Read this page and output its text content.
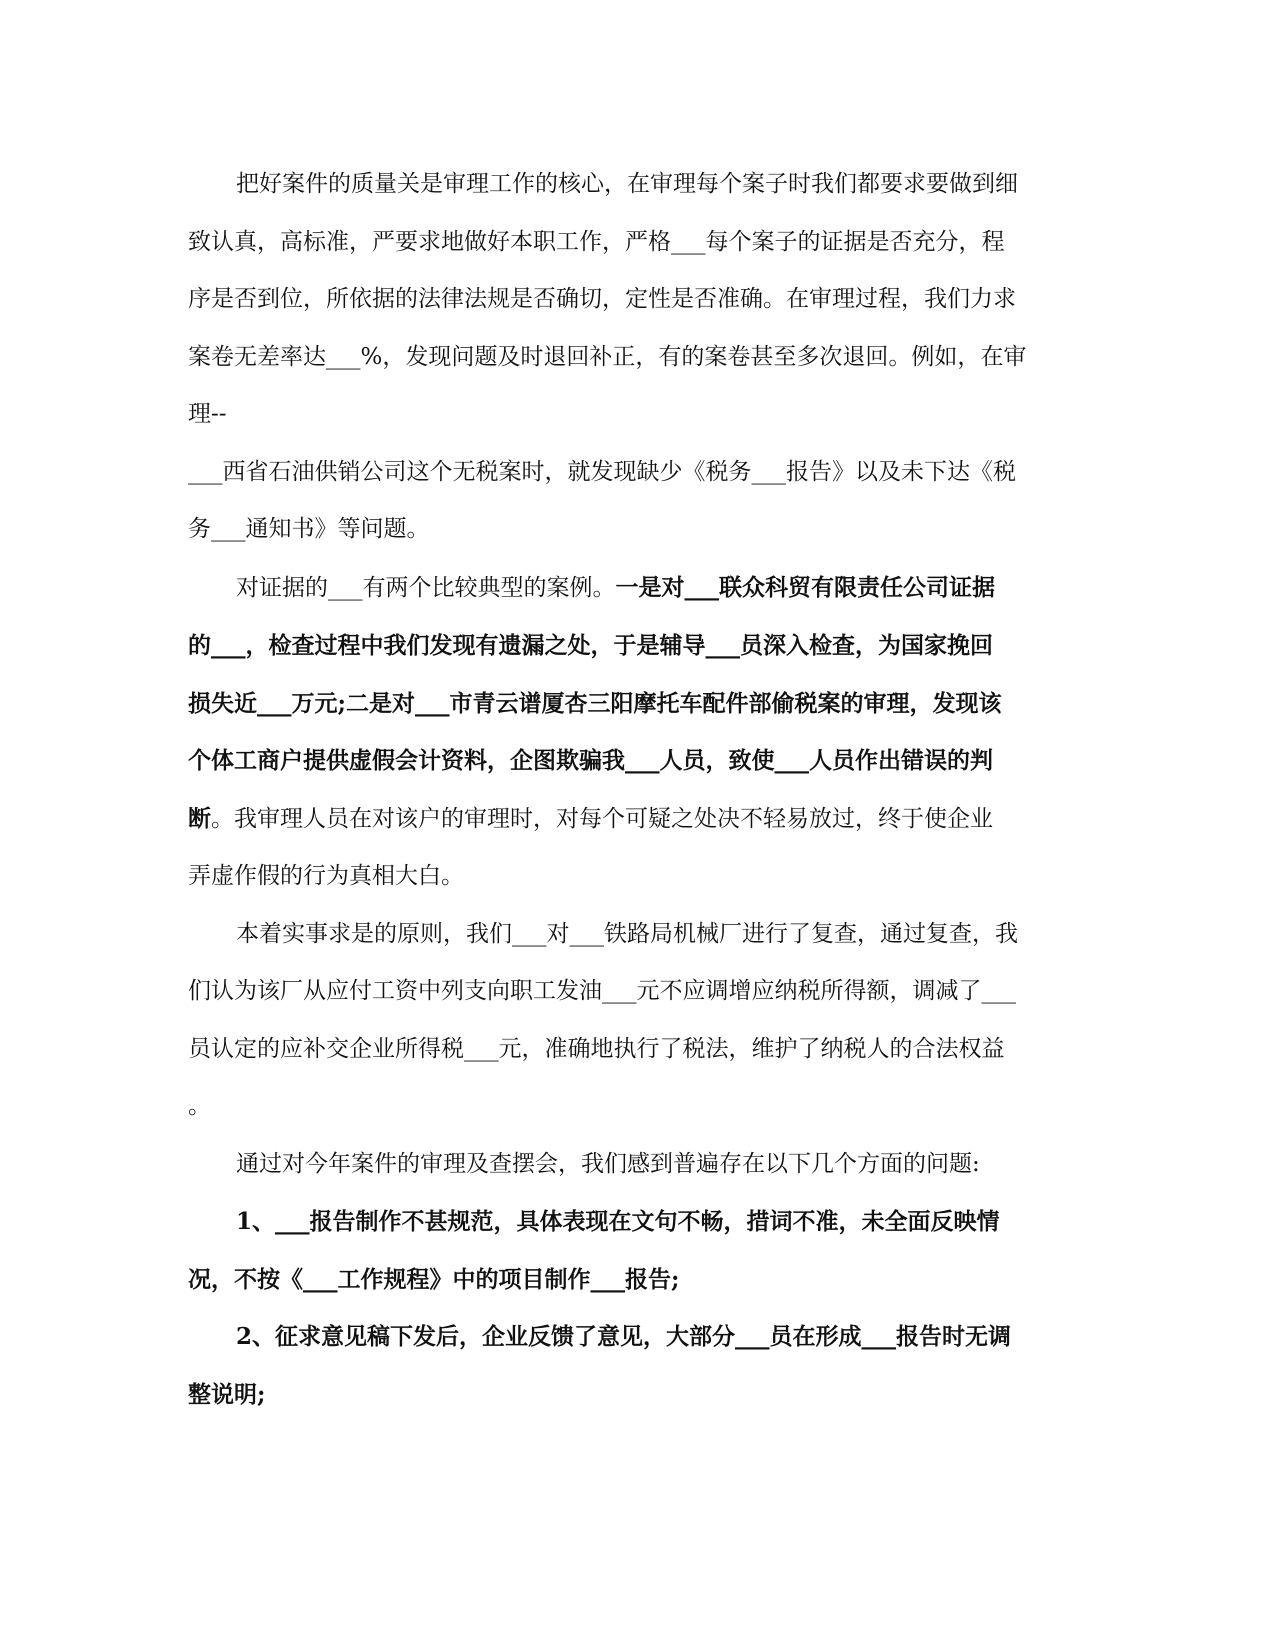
把好案件的质量关是审理工作的核心，在审理每个案子时我们都要求要做到细
致认真，高标准，严要求地做好本职工作，严格___每个案子的证据是否充分，程
序是否到位，所依据的法律法规是否确切，定性是否准确。在审理过程，我们力求
案卷无差率达___%，发现问题及时退回补正，有的案卷甚至多次退回。例如，在审
理--

___西省石油供销公司这个无税案时，就发现缺少《税务___报告》以及未下达《税
务___通知书》等问题。

对证据的___有两个比较典型的案例。一是对___联众科贸有限责任公司证据
的___，检查过程中我们发现有遗漏之处，于是辅导___员深入检查，为国家挽回
损失近___万元;二是对___市青云谱厦杏三阳摩托车配件部偷税案的审理，发现该
个体工商户提供虚假会计资料，企图欺骗我___人员，致使___人员作出错误的判
断。我审理人员在对该户的审理时，对每个可疑之处决不轻易放过，终于使企业
弄虚作假的行为真相大白。

本着实事求是的原则，我们___对___铁路局机械厂进行了复查，通过复查，我
们认为该厂从应付工资中列支向职工发油___元不应调增应纳税所得额，调减了___
员认定的应补交企业所得税___元，准确地执行了税法，维护了纳税人的合法权益
。

通过对今年案件的审理及查摆会，我们感到普遍存在以下几个方面的问题:

1、___报告制作不甚规范，具体表现在文句不畅，措词不准，未全面反映情
况，不按《___工作规程》中的项目制作___报告;

2、征求意见稿下发后，企业反馈了意见，大部分___员在形成___报告时无调
整说明;
